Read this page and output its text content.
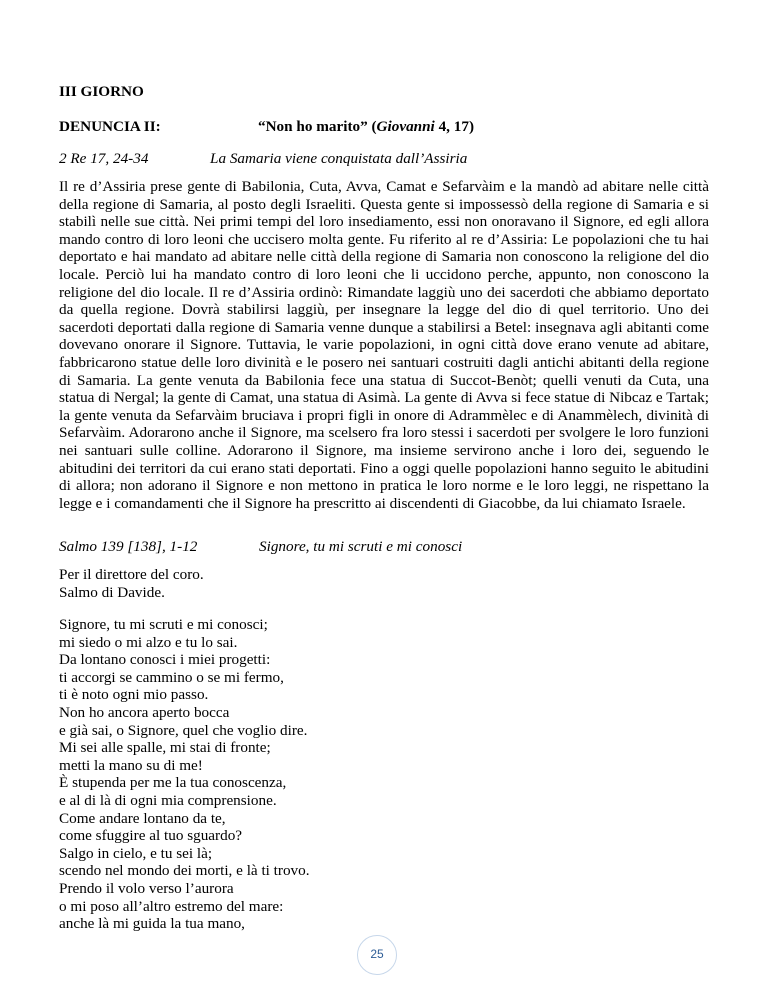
III GIORNO
DENUNCIA II:	“Non ho marito” (Giovanni 4, 17)
2 Re 17, 24-34	La Samaria viene conquistata dall’Assiria

Il re d’Assiria prese gente di Babilonia, Cuta, Avva, Camat e Sefarvàim e la mandò ad abitare nelle città della regione di Samaria, al posto degli Israeliti. Questa gente si impossessò della regione di Samaria e si stabilì nelle sue città. Nei primi tempi del loro insediamento, essi non onoravano il Signore, ed egli allora mando contro di loro leoni che uccisero molta gente. Fu riferito al re d’Assiria: Le popolazioni che tu hai deportato e hai mandato ad abitare nelle città della regione di Samaria non conoscono la religione del dio locale. Perciò lui ha mandato contro di loro leoni che li uccidono perche, appunto, non conoscono la religione del dio locale. Il re d’Assiria ordinò: Rimandate laggiù uno dei sacerdoti che abbiamo deportato da quella regione. Dovrà stabilirsi laggiù, per insegnare la legge del dio di quel territorio. Uno dei sacerdoti deportati dalla regione di Samaria venne dunque a stabilirsi a Betel: insegnava agli abitanti come dovevano onorare il Signore. Tuttavia, le varie popolazioni, in ogni città dove erano venute ad abitare, fabbricarono statue delle loro divinità e le posero nei santuari costruiti dagli antichi abitanti della regione di Samaria. La gente venuta da Babilonia fece una statua di Succot-Benòt; quelli venuti da Cuta, una statua di Nergal; la gente di Camat, una statua di Asimà. La gente di Avva si fece statue di Nibcaz e Tartak; la gente venuta da Sefarvàim bruciava i propri figli in onore di Adrammèlec e di Anammèlech, divinità di Sefarvàim. Adorarono anche il Signore, ma scelsero fra loro stessi i sacerdoti per svolgere le loro funzioni nei santuari sulle colline. Adorarono il Signore, ma insieme servirono anche i loro dei, seguendo le abitudini dei territori da cui erano stati deportati. Fino a oggi quelle popolazioni hanno seguito le abitudini di allora; non adorano il Signore e non mettono in pratica le loro norme e le loro leggi, ne rispettano la legge e i comandamenti che il Signore ha prescritto ai discendenti di Giacobbe, da lui chiamato Israele.

Salmo 139 [138], 1-12	Signore, tu mi scruti e mi conosci
Per il direttore del coro.
Salmo di Davide.
Signore, tu mi scruti e mi conosci;
mi siedo o mi alzo e tu lo sai.
Da lontano conosci i miei progetti:
ti accorgi se cammino o se mi fermo,
ti è noto ogni mio passo.
Non ho ancora aperto bocca
e già sai, o Signore, quel che voglio dire.
Mi sei alle spalle, mi stai di fronte;
metti la mano su di me!
È stupenda per me la tua conoscenza,
e al di là di ogni mia comprensione.
Come andare lontano da te,
come sfuggire al tuo sguardo?
Salgo in cielo, e tu sei là;
scendo nel mondo dei morti, e là ti trovo.
Prendo il volo verso l’aurora
o mi poso all’altro estremo del mare:
anche là mi guida la tua mano,
25
